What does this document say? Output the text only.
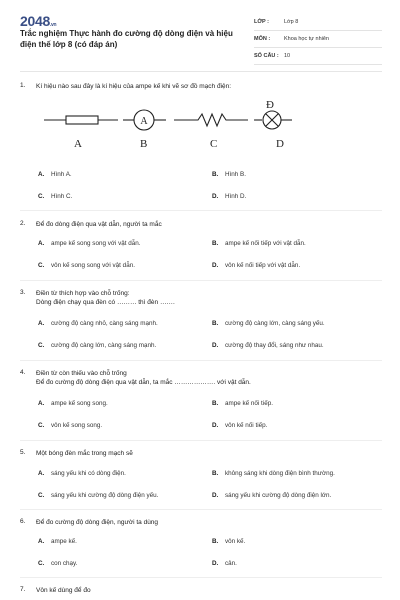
2048.vn
Trắc nghiệm Thực hành đo cường độ dòng điện và hiệu điện thế lớp 8 (có đáp án)
LỚP :	Lớp 8
MÔN :	Khoa học tự nhiên
SỐ CÂU : 10
1. Kí hiệu nào sau đây là kí hiệu của ampe kế khi vẽ sơ đồ mạch điện:
A
Đ
A	B	C	D
A. Hình A.	B. Hình B.
C. Hình C.	D. Hình D.
2. Để đo dòng điện qua vật dẫn, người ta mắc
A. ampe kế song song với vật dẫn.	B. ampe kế nối tiếp với vật dẫn.
C. vôn kế song song với vật dẫn.	D. vôn kế nối tiếp với vật dẫn.
3. Điền từ thích hợp vào chỗ trống:
Dòng điện chạy qua đèn có ……… thì đèn …….
A. cường độ càng nhỏ, càng sáng mạnh.	B. cường độ càng lớn, càng sáng yếu.
C. cường độ càng lớn, càng sáng mạnh.	D. cường độ thay đổi, sáng như nhau.
4. Điền từ còn thiếu vào chỗ trống
Để đo cường độ dòng điện qua vật dẫn, ta mắc ………………. với vật dẫn.
A. ampe kế song song.	B. ampe kế nối tiếp.
C. vôn kế song song.	D. vôn kế nối tiếp.
5. Một bóng đèn mắc trong mạch sẽ
A. sáng yếu khi có dòng điện.	B. không sáng khi dòng điện bình thường.
C. sáng yếu khi cường độ dòng điện yếu.	D. sáng yếu khi cường độ dòng điện lớn.
6. Để đo cường độ dòng điện, người ta dùng
A. ampe kế.	B. vôn kế.
C. con chạy.	D. cân.
7. Vôn kế dùng để đo
